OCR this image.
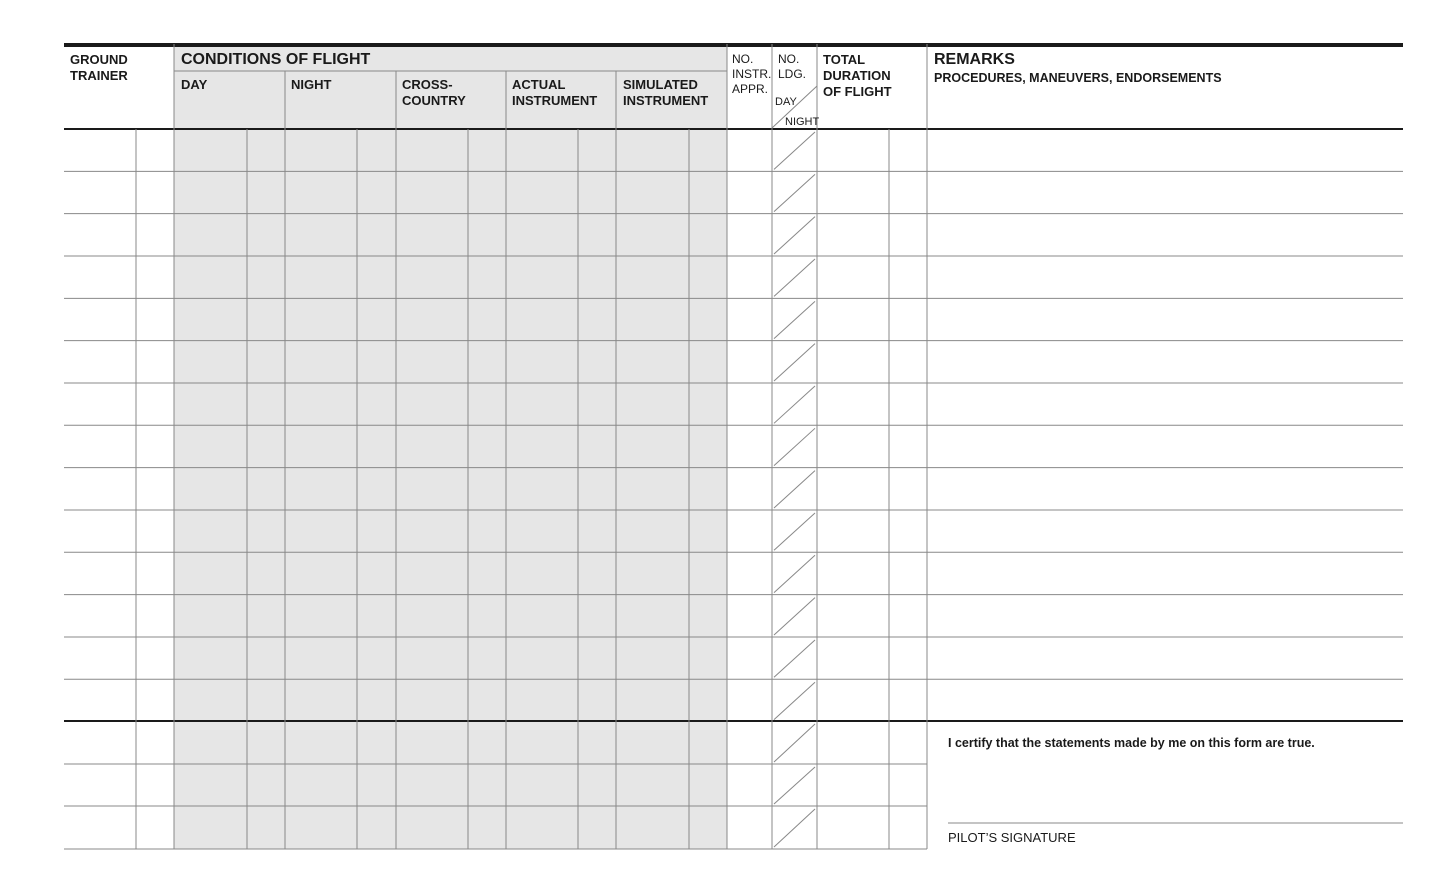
GROUND
TRAINER
CONDITIONS OF FLIGHT
DAY	NIGHT	CROSS-
COUNTRY
ACTUAL
INSTRUMENT
SIMULATED
INSTRUMENT
NO.
INSTR.
APPR.
NO.
LDG.
DAY
NIGHT
TOTAL
DURATION
OF FLIGHT
REMARKS
PROCEDURES, MANEUVERS, ENDORSEMENTS
I certify that the statements made by me on this form are true.
PILOT’S SIGNATURE
